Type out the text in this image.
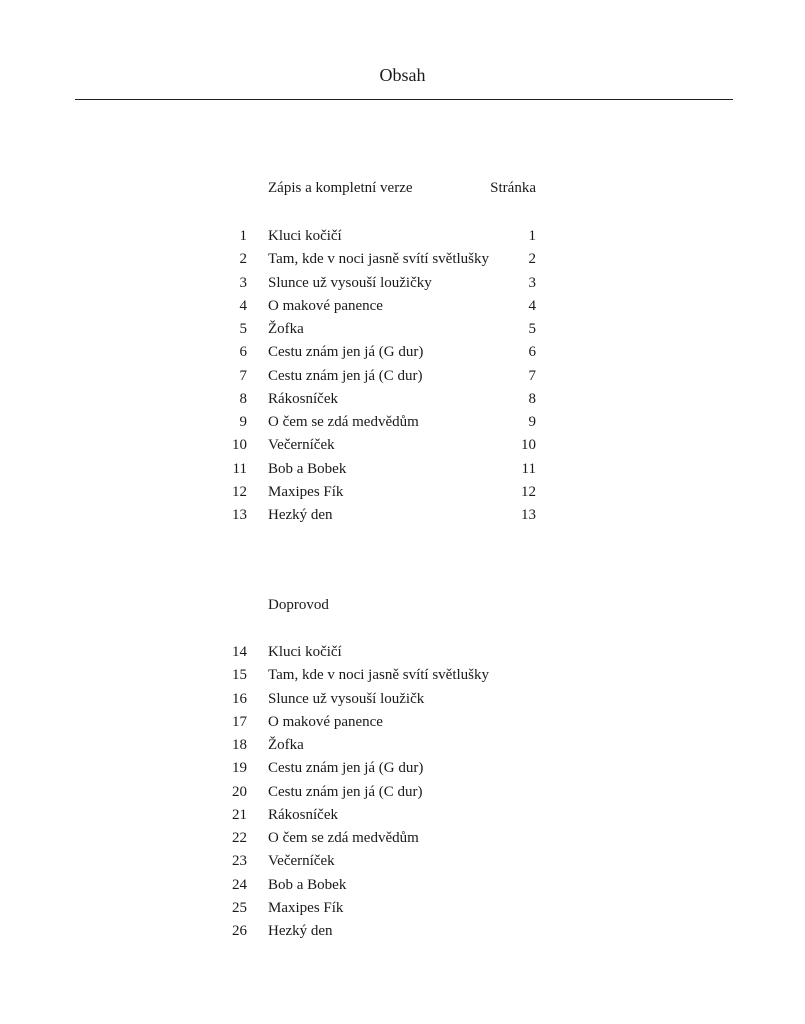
Obsah
Zápis a kompletní verze	Stránka
1 Kluci kočičí	1
2 Tam, kde v noci jasně svítí světlušky	2
3 Slunce už vysouší loužičky	3
4 O makové panence	4
5 Žofka	5
6 Cestu znám jen já (G dur)	6
7 Cestu znám jen já (C dur)	7
8 Rákosníček	8
9 O čem se zdá medvědům	9
10 Večerníček	10
11 Bob a Bobek	11
12 Maxipes Fík	12
13 Hezký den	13
Doprovod
14 Kluci kočičí
15 Tam, kde v noci jasně svítí světlušky
16 Slunce už vysouší loužičk
17 O makové panence
18 Žofka
19 Cestu znám jen já (G dur)
20 Cestu znám jen já (C dur)
21 Rákosníček
22 O čem se zdá medvědům
23 Večerníček
24 Bob a Bobek
25 Maxipes Fík
26 Hezký den
